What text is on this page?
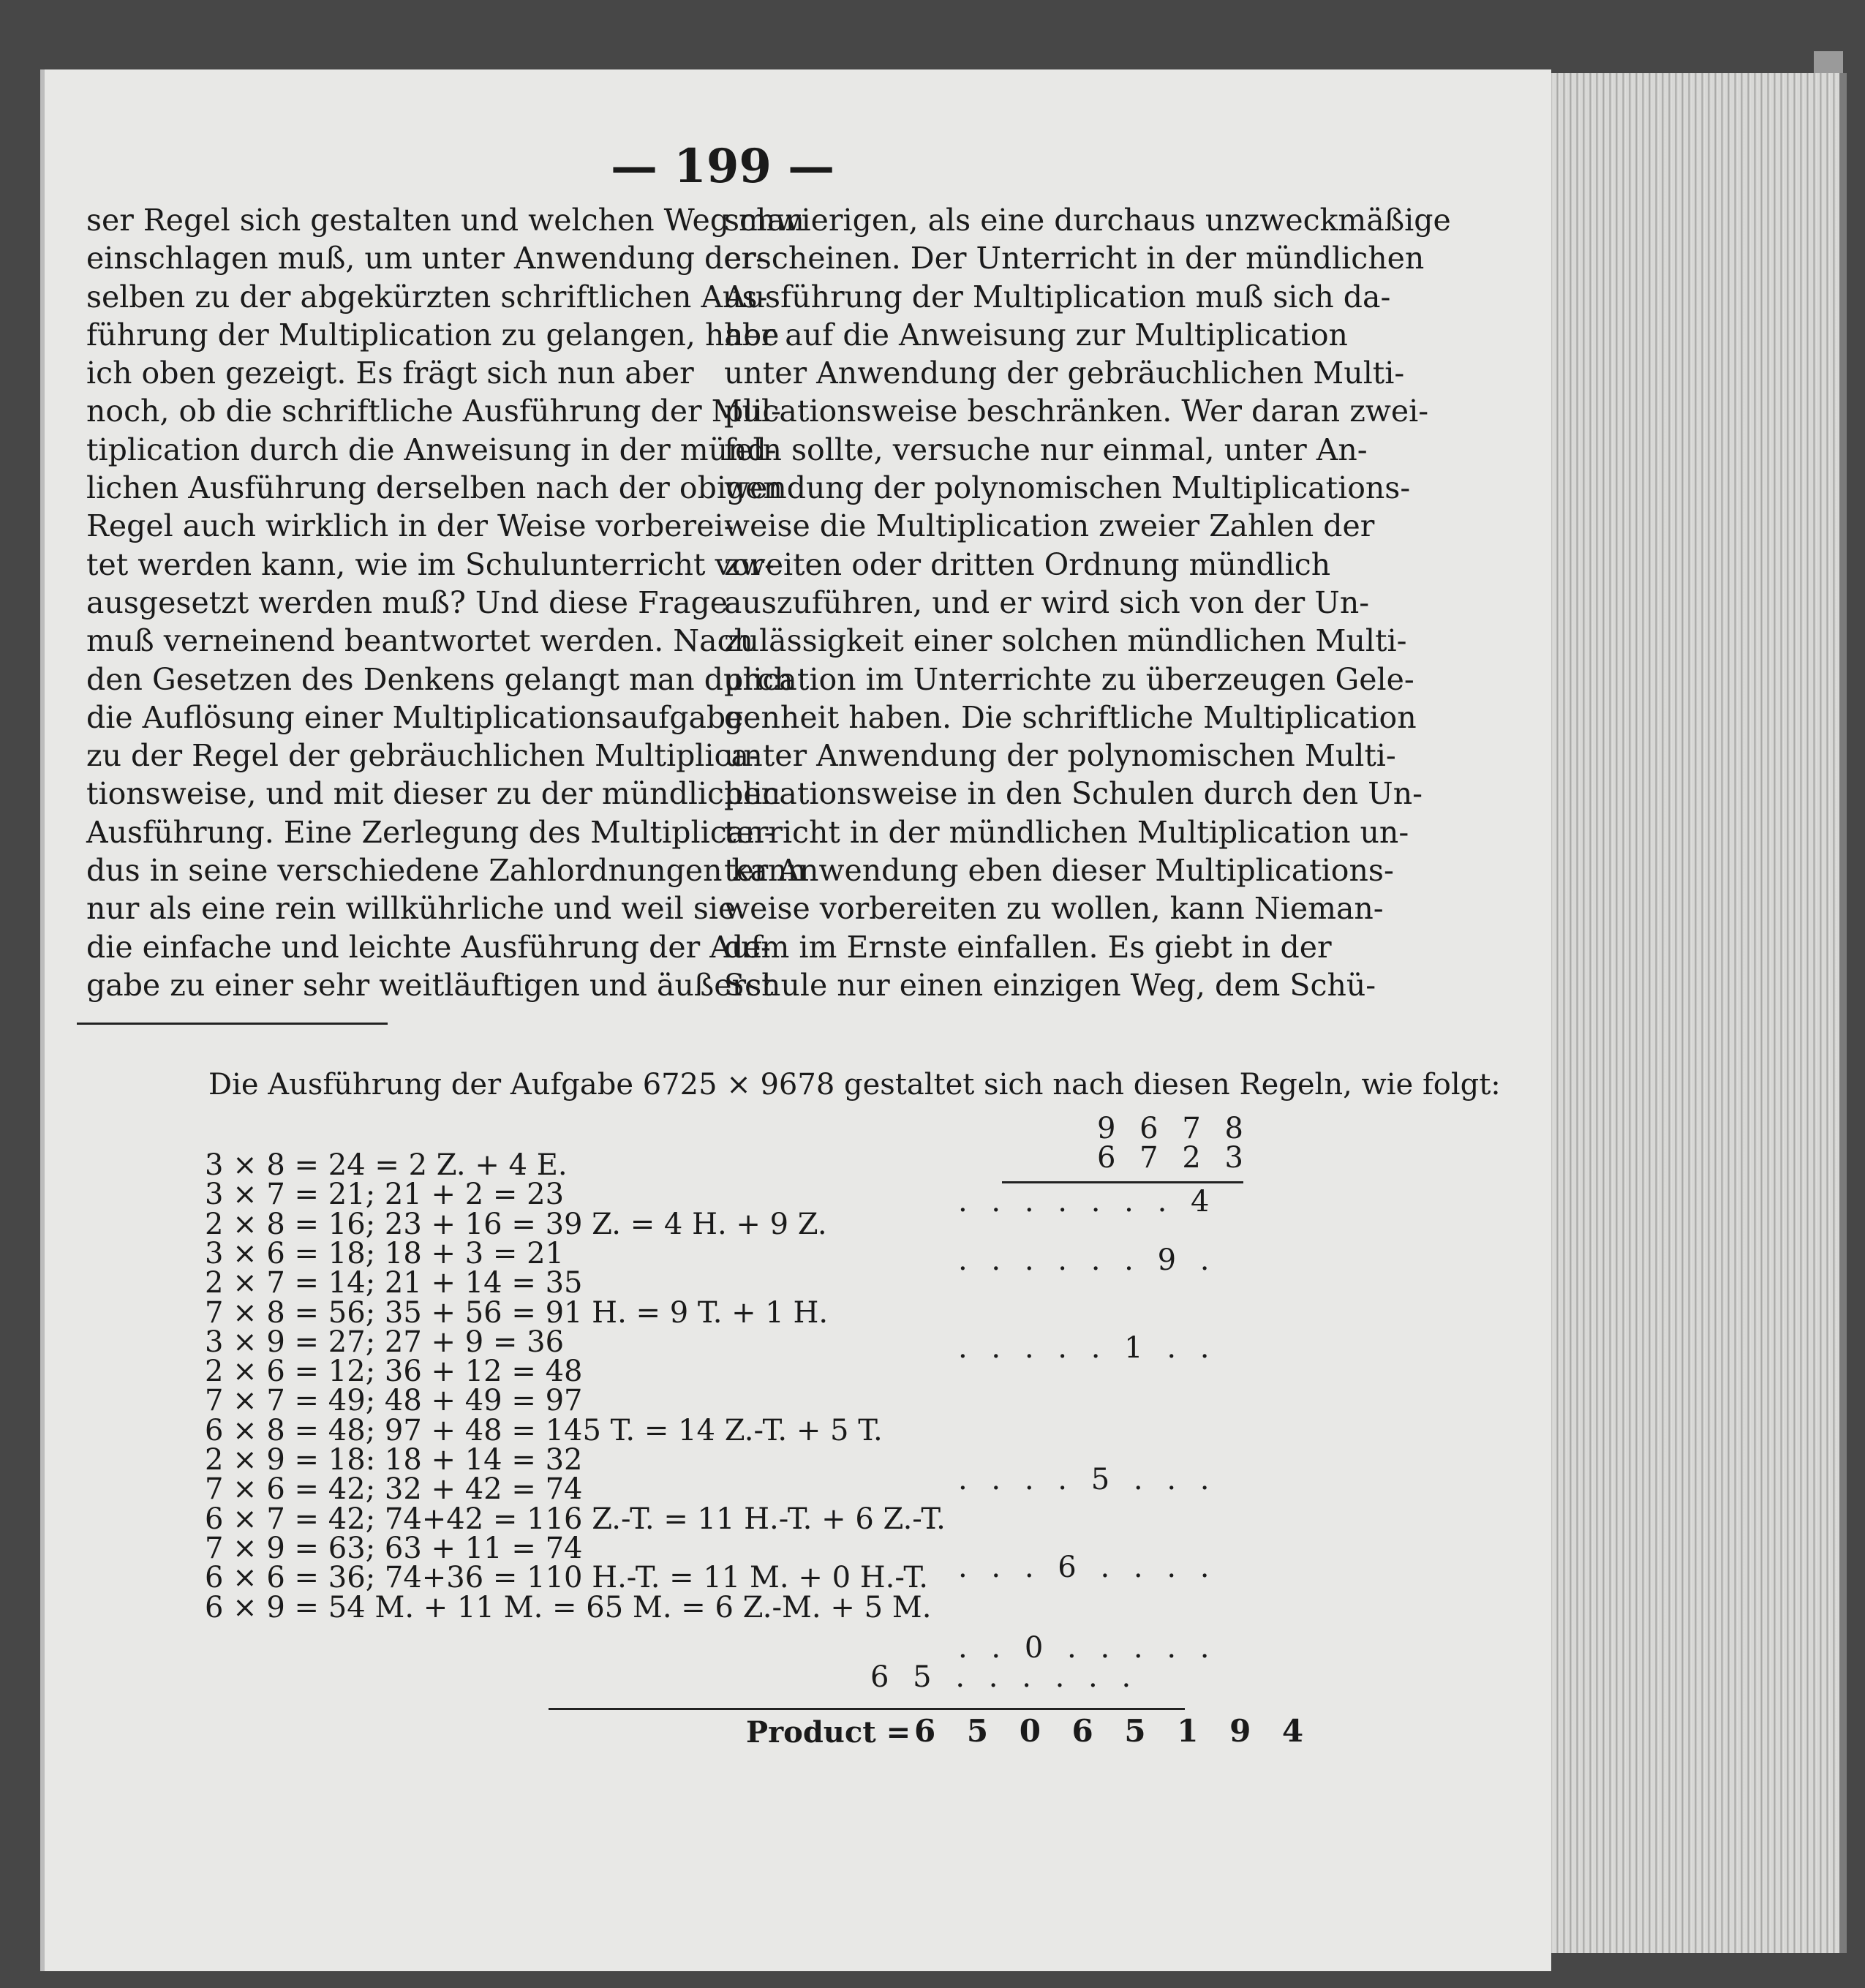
— 199 —
ser Regel sich gestalten und welchen Weg man
einschlagen muß, um unter Anwendung der-
selben zu der abgekürzten schriftlichen Aus-
führung der Multiplication zu gelangen, habe
ich oben gezeigt. Es frägt sich nun aber
noch, ob die schriftliche Ausführung der Mul-
tiplication durch die Anweisung in der münd-
lichen Ausführung derselben nach der obigen
Regel auch wirklich in der Weise vorberei-
tet werden kann, wie im Schulunterricht vor-
ausgesetzt werden muß? Und diese Frage
muß verneinend beantwortet werden. Nach
den Gesetzen des Denkens gelangt man durch
die Auflösung einer Multiplicationsaufgabe
zu der Regel der gebräuchlichen Multiplica-
tionsweise, und mit dieser zu der mündlichen
Ausführung. Eine Zerlegung des Multiplican-
dus in seine verschiedene Zahlordnungen kann
nur als eine rein willkührliche und weil sie
die einfache und leichte Ausführung der Auf-
gabe zu einer sehr weitläuftigen und äußerst
schwierigen, als eine durchaus unzweckmäßige
erscheinen. Der Unterricht in der mündlichen
Ausführung der Multiplication muß sich da-
her auf die Anweisung zur Multiplication
unter Anwendung der gebräuchlichen Multi-
plicationsweise beschränken. Wer daran zwei-
feln sollte, versuche nur einmal, unter An-
wendung der polynomischen Multiplications-
weise die Multiplication zweier Zahlen der
zweiten oder dritten Ordnung mündlich
auszuführen, und er wird sich von der Un-
zulässigkeit einer solchen mündlichen Multi-
plication im Unterrichte zu überzeugen Gele-
genheit haben. Die schriftliche Multiplication
unter Anwendung der polynomischen Multi-
plicationsweise in den Schulen durch den Un-
terricht in der mündlichen Multiplication un-
ter Anwendung eben dieser Multiplications-
weise vorbereiten zu wollen, kann Nieman-
dem im Ernste einfallen. Es giebt in der
Schule nur einen einzigen Weg, dem Schü-
Die Ausführung der Aufgabe 6725 × 9678 gestaltet sich nach diesen Regeln, wie folgt:
3 × 8 = 24 = 2 Z. + 4 E.
3 × 7 = 21; 21 + 2 = 23
2 × 8 = 16; 23 + 16 = 39 Z. = 4 H. + 9 Z.
3 × 6 = 18; 18 + 3 = 21
2 × 7 = 14; 21 + 14 = 35
7 × 8 = 56; 35 + 56 = 91 H. = 9 T. + 1 H.
3 × 9 = 27; 27 + 9 = 36
2 × 6 = 12; 36 + 12 = 48
7 × 7 = 49; 48 + 49 = 97
6 × 8 = 48; 97 + 48 = 145 T. = 14 Z.-T. + 5 T.
2 × 9 = 18: 18 + 14 = 32
7 × 6 = 42; 32 + 42 = 74
6 × 7 = 42; 74+42 = 116 Z.-T. = 11 H.-T. + 6 Z.-T.
7 × 9 = 63; 63 + 11 = 74
6 × 6 = 36; 74+36 = 110 H.-T. = 11 M. + 0 H.-T.
6 × 9 = 54 M. + 11 M. = 65 M. = 6 Z.-M. + 5 M.
9 6 7 8
6 7 2 3
. . . . . . . 4
. . . . . . 9 .
. . . . . 1 . .
. . . . 5 . . .
. . . 6 . . . .
. . 0 . . . . .
6 5 . . . . . .
Product = 6 5 0 6 5 1 9 4
